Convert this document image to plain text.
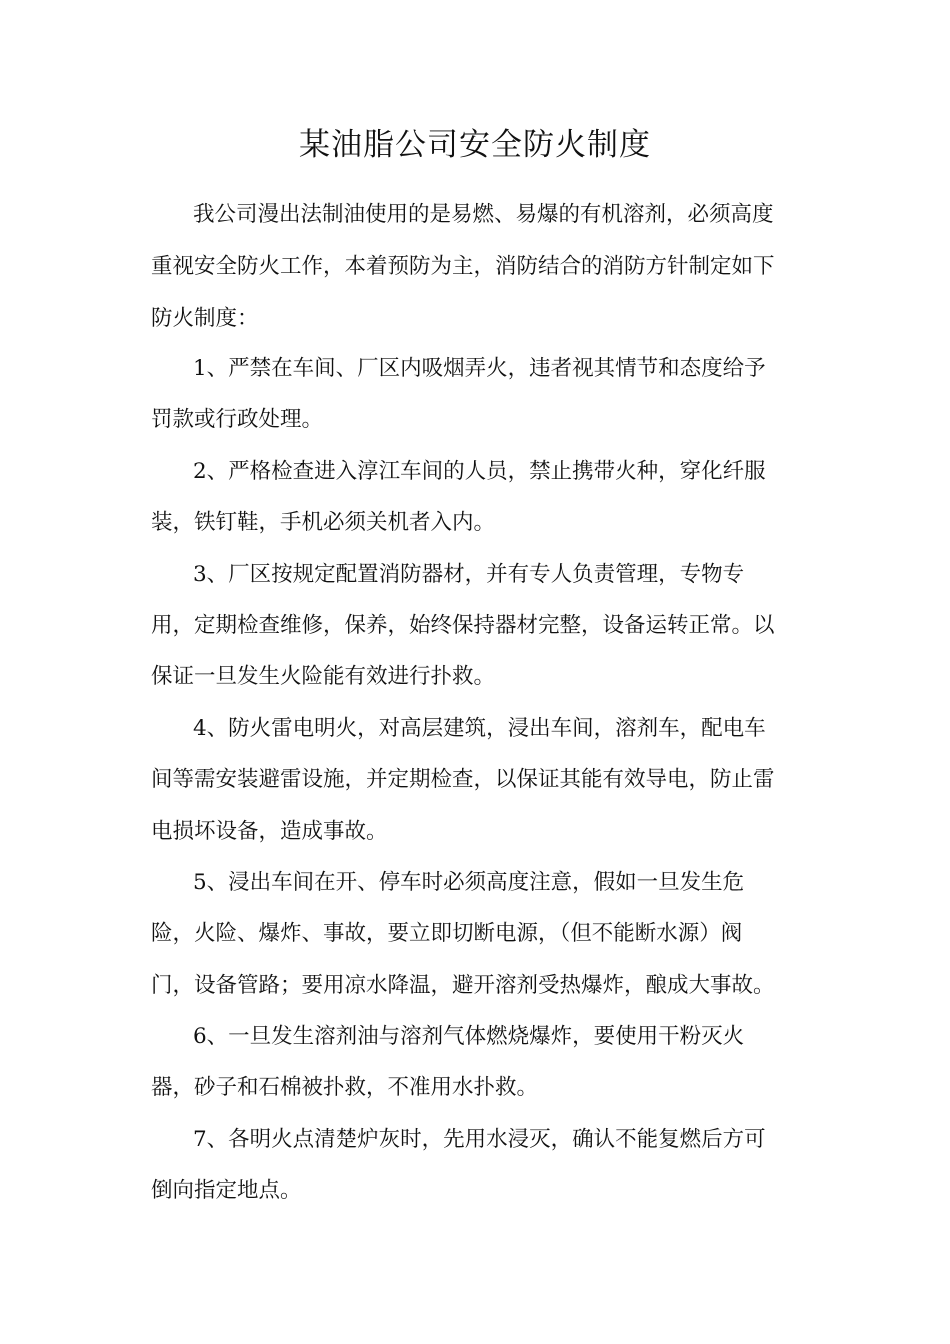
某油脂公司安全防火制度

我公司漫出法制油使用的是易燃、易爆的有机溶剂，必须高度

重视安全防火工作，本着预防为主，消防结合的消防方针制定如下

防火制度：

1、严禁在车间、厂区内吸烟弄火，违者视其情节和态度给予

罚款或行政处理。

2、严格检查进入淳江车间的人员，禁止携带火种，穿化纤服

装，铁钉鞋，手机必须关机者入内。

3、厂区按规定配置消防器材，并有专人负责管理，专物专

用，定期检查维修，保养，始终保持器材完整，设备运转正常。以

保证一旦发生火险能有效进行扑救。

4、防火雷电明火，对高层建筑，浸出车间，溶剂车，配电车

间等需安装避雷设施，并定期检查，以保证其能有效导电，防止雷

电损坏设备，造成事故。

5、浸出车间在开、停车时必须高度注意，假如一旦发生危

险，火险、爆炸、事故，要立即切断电源，（但不能断水源）阀

门，设备管路；要用凉水降温，避开溶剂受热爆炸，酿成大事故。

6、一旦发生溶剂油与溶剂气体燃烧爆炸，要使用干粉灭火

器，砂子和石棉被扑救，不准用水扑救。

7、各明火点清楚炉灰时，先用水浸灭，确认不能复燃后方可

倒向指定地点。
